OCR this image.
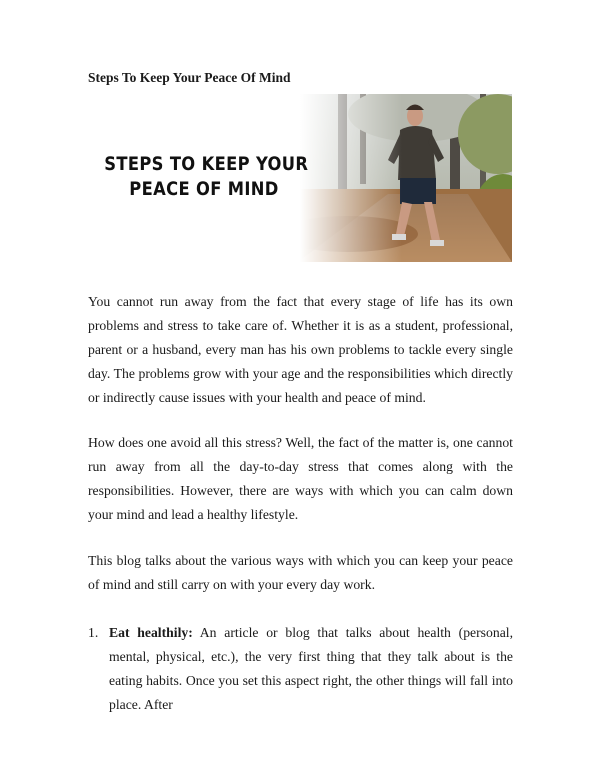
Steps To Keep Your Peace Of Mind
STEPS TO KEEP YOUR
PEACE OF MIND

You cannot run away from the fact that every stage of life has its own problems and stress to take care of. Whether it is as a student, professional, parent or a husband, every man has his own problems to tackle every single day. The problems grow with your age and the responsibilities which directly or indirectly cause issues with your health and peace of mind.

How does one avoid all this stress? Well, the fact of the matter is, one cannot run away from all the day-to-day stress that comes along with the responsibilities. However, there are ways with which you can calm down your mind and lead a healthy lifestyle.

This blog talks about the various ways with which you can keep your peace of mind and still carry on with your every day work.

1. Eat healthily: An article or blog that talks about health (personal, mental, physical, etc.), the very first thing that they talk about is the eating habits. Once you set this aspect right, the other things will fall into place. After
